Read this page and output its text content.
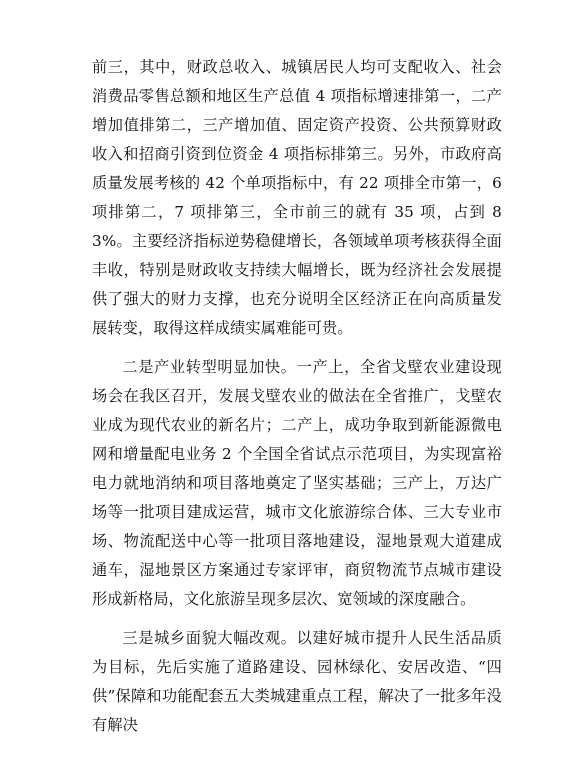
前三，其中，财政总收入、城镇居民人均可支配收入、社会消费品零售总额和地区生产总值 4 项指标增速排第一，二产增加值排第二，三产增加值、固定资产投资、公共预算财政收入和招商引资到位资金 4 项指标排第三。另外，市政府高质量发展考核的 42 个单项指标中，有 22 项排全市第一，6 项排第二，7 项排第三，全市前三的就有 35 项，占到 83%。主要经济指标逆势稳健增长，各领域单项考核获得全面丰收，特别是财政收支持续大幅增长，既为经济社会发展提供了强大的财力支撑，也充分说明全区经济正在向高质量发展转变，取得这样成绩实属难能可贵。

二是产业转型明显加快。一产上，全省戈壁农业建设现场会在我区召开，发展戈壁农业的做法在全省推广，戈壁农业成为现代农业的新名片；二产上，成功争取到新能源微电网和增量配电业务 2 个全国全省试点示范项目，为实现富裕电力就地消纳和项目落地奠定了坚实基础；三产上，万达广场等一批项目建成运营，城市文化旅游综合体、三大专业市场、物流配送中心等一批项目落地建设，湿地景观大道建成通车，湿地景区方案通过专家评审，商贸物流节点城市建设形成新格局，文化旅游呈现多层次、宽领域的深度融合。

三是城乡面貌大幅改观。以建好城市提升人民生活品质为目标，先后实施了道路建设、园林绿化、安居改造、“四供”保障和功能配套五大类城建重点工程，解决了一批多年没有解决
